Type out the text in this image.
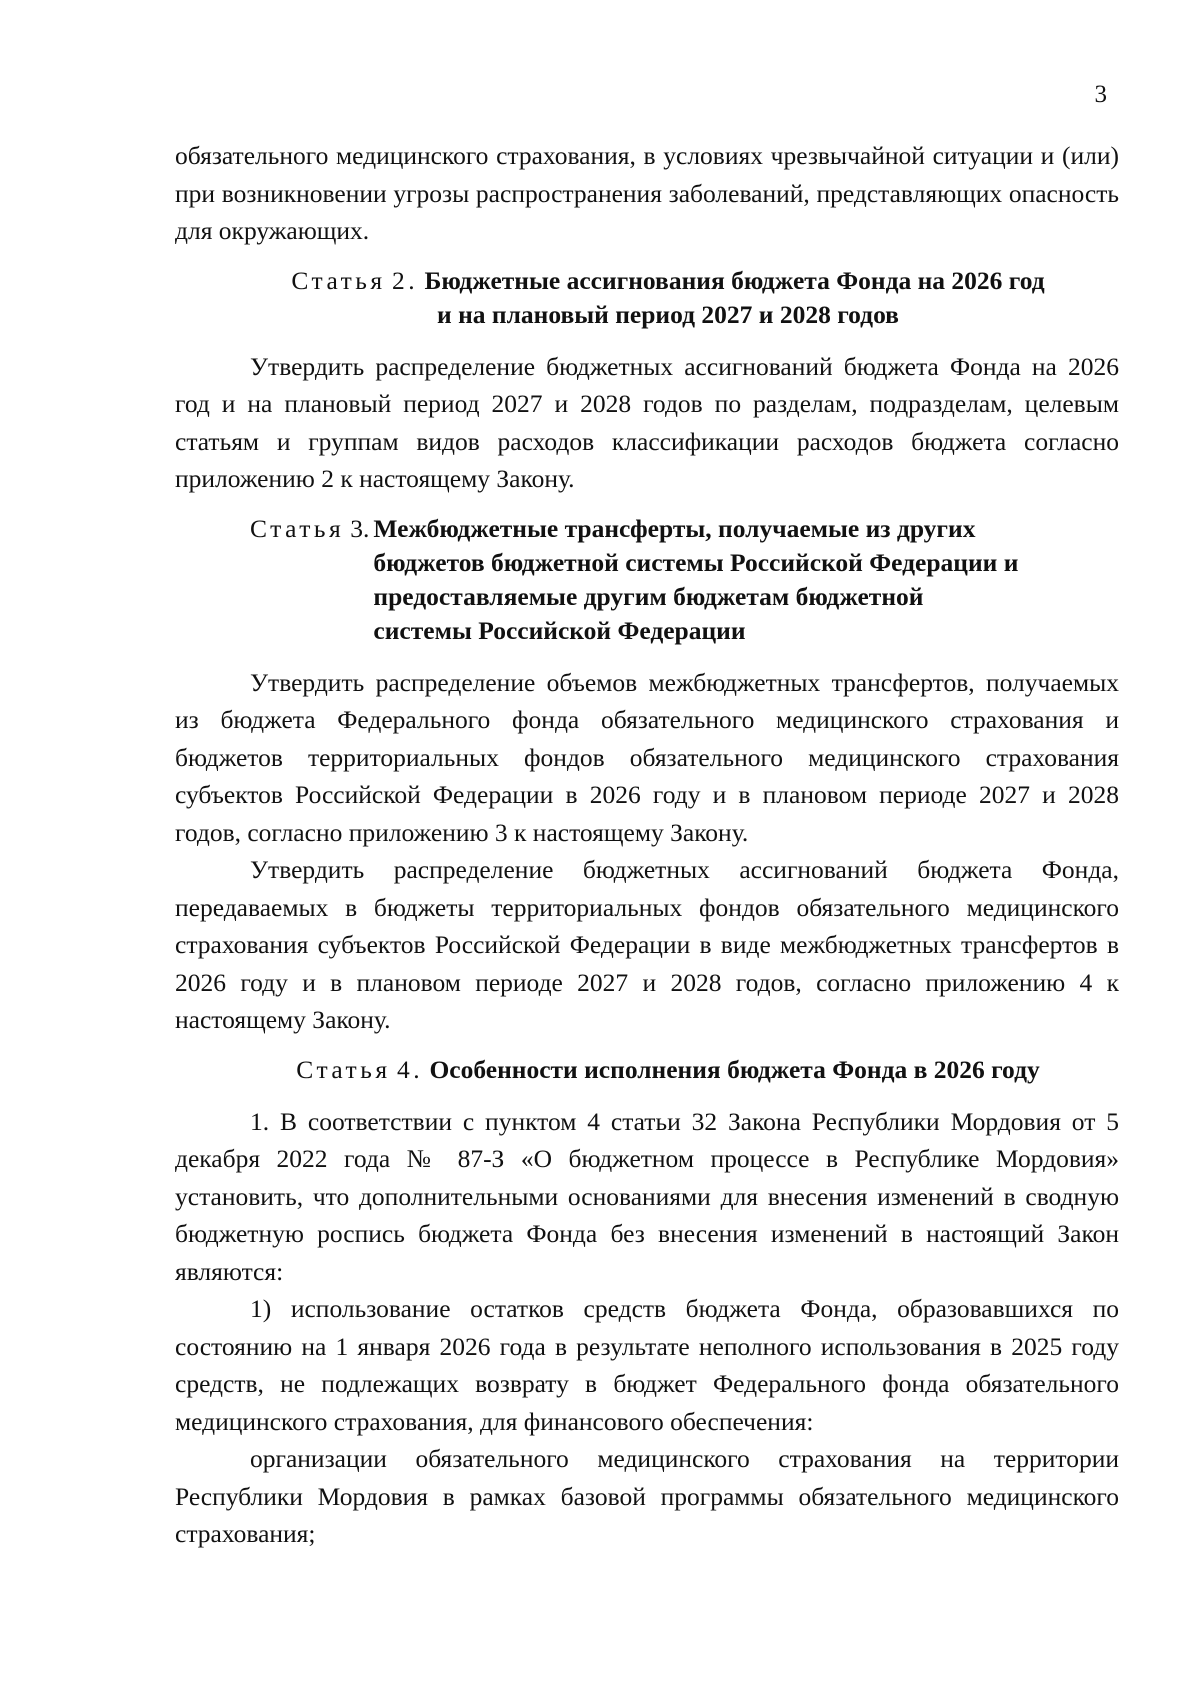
3

обязательного медицинского страхования, в условиях чрезвычайной ситуации и (или) при возникновении угрозы распространения заболеваний, представляющих опасность для окружающих.

Статья 2. Бюджетные ассигнования бюджета Фонда на 2026 год
и на плановый период 2027 и 2028 годов

Утвердить распределение бюджетных ассигнований бюджета Фонда на 2026 год и на плановый период 2027 и 2028 годов по разделам, подразделам, целевым статьям и группам видов расходов классификации расходов бюджета согласно приложению 2 к настоящему Закону.

Статья 3. Межбюджетные трансферты, получаемые из других
бюджетов бюджетной системы Российской Федерации и
предоставляемые другим бюджетам бюджетной
системы Российской Федерации

Утвердить распределение объемов межбюджетных трансфертов, получаемых из бюджета Федерального фонда обязательного медицинского страхования и бюджетов территориальных фондов обязательного медицинского страхования субъектов Российской Федерации в 2026 году и в плановом периоде 2027 и 2028 годов, согласно приложению 3 к настоящему Закону.

Утвердить распределение бюджетных ассигнований бюджета Фонда, передаваемых в бюджеты территориальных фондов обязательного медицинского страхования субъектов Российской Федерации в виде межбюджетных трансфертов в 2026 году и в плановом периоде 2027 и 2028 годов, согласно приложению 4 к настоящему Закону.

Статья 4. Особенности исполнения бюджета Фонда в 2026 году

1. В соответствии с пунктом 4 статьи 32 Закона Республики Мордовия от 5 декабря 2022 года № 87-З «О бюджетном процессе в Республике Мордовия» установить, что дополнительными основаниями для внесения изменений в сводную бюджетную роспись бюджета Фонда без внесения изменений в настоящий Закон являются:

1) использование остатков средств бюджета Фонда, образовавшихся по состоянию на 1 января 2026 года в результате неполного использования в 2025 году средств, не подлежащих возврату в бюджет Федерального фонда обязательного медицинского страхования, для финансового обеспечения:

организации обязательного медицинского страхования на территории Республики Мордовия в рамках базовой программы обязательного медицинского страхования;
